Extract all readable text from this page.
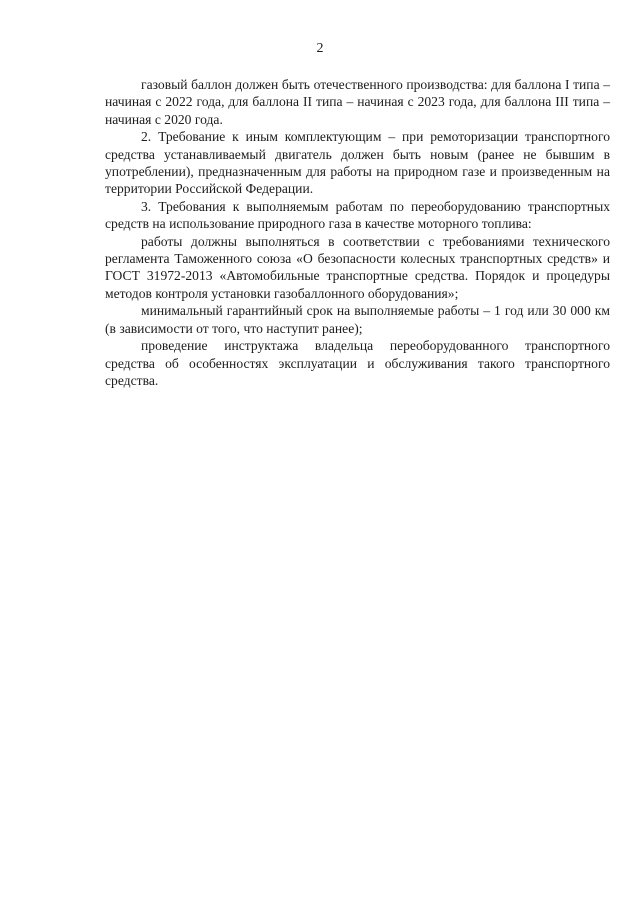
2

газовый баллон должен быть отечественного производства: для баллона I типа – начиная с 2022 года, для баллона II типа – начиная с 2023 года, для баллона III типа – начиная с 2020 года.

2. Требование к иным комплектующим – при ремоторизации транспортного средства устанавливаемый двигатель должен быть новым (ранее не бывшим в употреблении), предназначенным для работы на природном газе и произведенным на территории Российской Федерации.

3. Требования к выполняемым работам по переоборудованию транспортных средств на использование природного газа в качестве моторного топлива:

работы должны выполняться в соответствии с требованиями технического регламента Таможенного союза «О безопасности колесных транспортных средств» и ГОСТ 31972-2013 «Автомобильные транспортные средства. Порядок и процедуры методов контроля установки газобаллонного оборудования»;

минимальный гарантийный срок на выполняемые работы – 1 год или 30 000 км (в зависимости от того, что наступит ранее);

проведение инструктажа владельца переоборудованного транспортного средства об особенностях эксплуатации и обслуживания такого транспортного средства.
